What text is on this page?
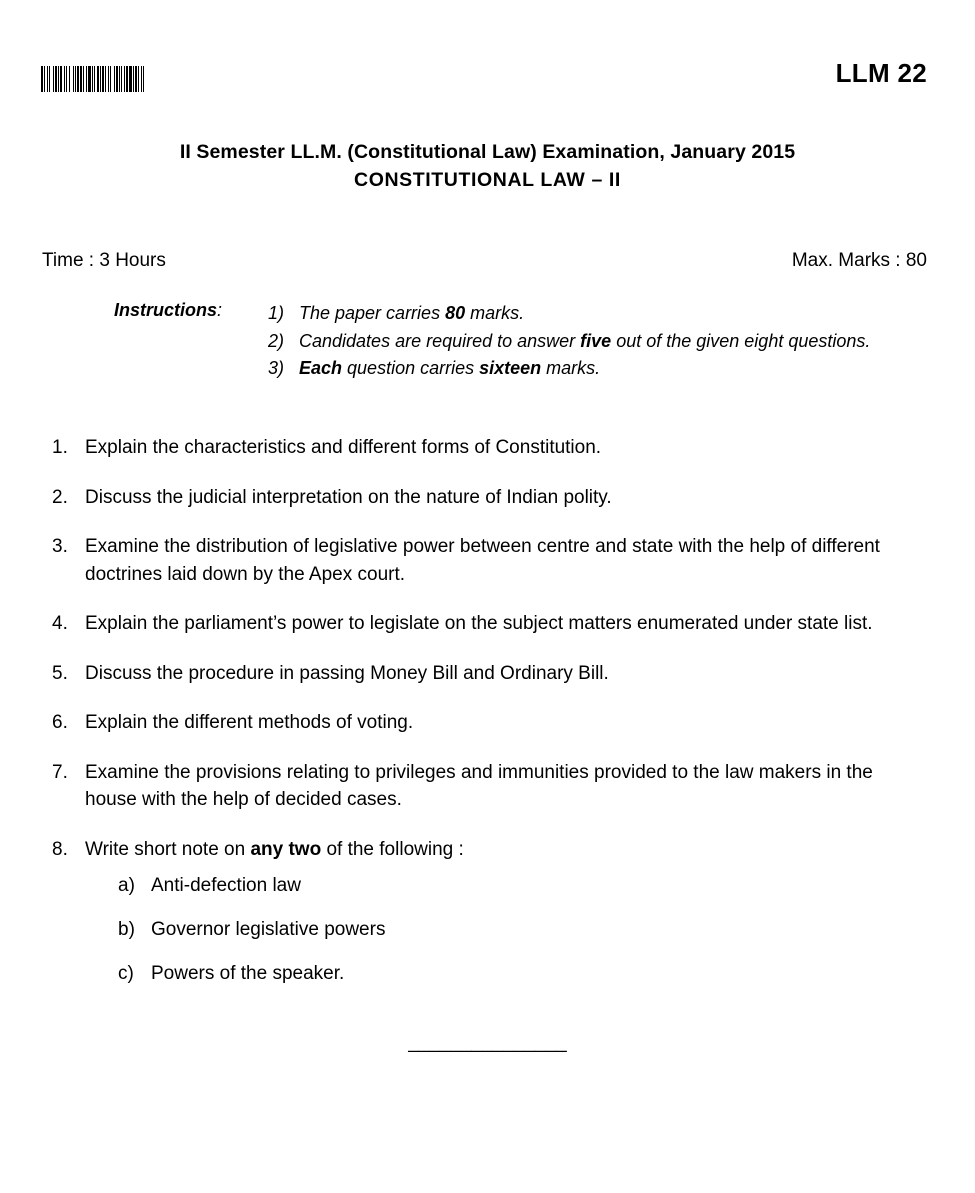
LLM 22
II Semester LL.M. (Constitutional Law) Examination, January 2015
CONSTITUTIONAL LAW – II
Time : 3 Hours	Max. Marks : 80
Instructions:	1) The paper carries 80 marks.
2) Candidates are required to answer five out of the given eight questions.
3) Each question carries sixteen marks.
1. Explain the characteristics and different forms of Constitution.
2. Discuss the judicial interpretation on the nature of Indian polity.
3. Examine the distribution of legislative power between centre and state with the help of different doctrines laid down by the Apex court.
4. Explain the parliament’s power to legislate on the subject matters enumerated under state list.
5. Discuss the procedure in passing Money Bill and Ordinary Bill.
6. Explain the different methods of voting.
7. Examine the provisions relating to privileges and immunities provided to the law makers in the house with the help of decided cases.
8. Write short note on any two of the following :
a) Anti-defection law
b) Governor legislative powers
c) Powers of the speaker.
_______________
